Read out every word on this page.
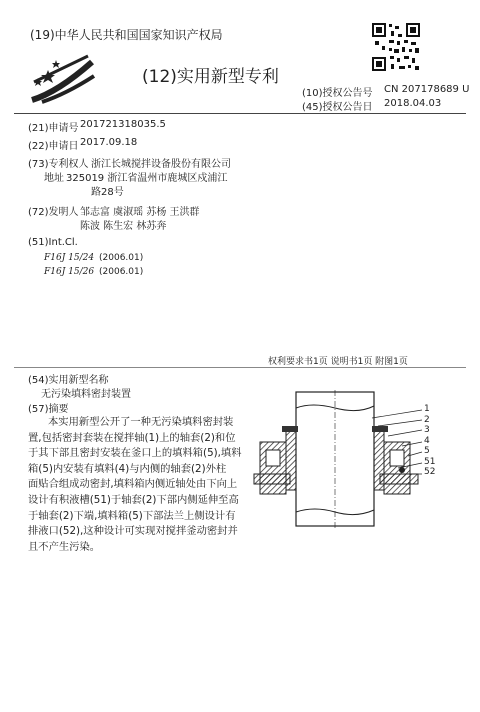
(19)中华人民共和国国家知识产权局
(12)实用新型专利
(10)授权公告号 CN 207178689 U
(45)授权公告日 2018.04.03
(21)申请号 201721318035.5
(22)申请日 2017.09.18
(73)专利权人 浙江长城搅拌设备股份有限公司
地址 325019 浙江省温州市鹿城区戍浦江
路28号
(72)发明人 邹志富 虞淑瑶 苏杨 王洪群
陈波 陈生宏 林苏奔
(51)Int.Cl.
F16J 15/24 (2006.01)
F16J 15/26 (2006.01)
权利要求书1页 说明书1页 附图1页
(54)实用新型名称
无污染填料密封装置
(57)摘要

本实用新型公开了一种无污染填料密封装

置,包括密封套装在搅拌轴(1)上的轴套(2)和位

于其下部且密封安装在釜口上的填料箱(5),填料

箱(5)内安装有填料(4)与内侧的轴套(2)外柱

面贴合组成动密封,填料箱内侧近轴处由下向上

设计有积液槽(51)于轴套(2)下部内侧延伸至高

于轴套(2)下端,填料箱(5)下部法兰上侧设计有

排液口(52),这种设计可实现对搅拌釜动密封并

且不产生污染。

1
2
3
4
5
51
52
